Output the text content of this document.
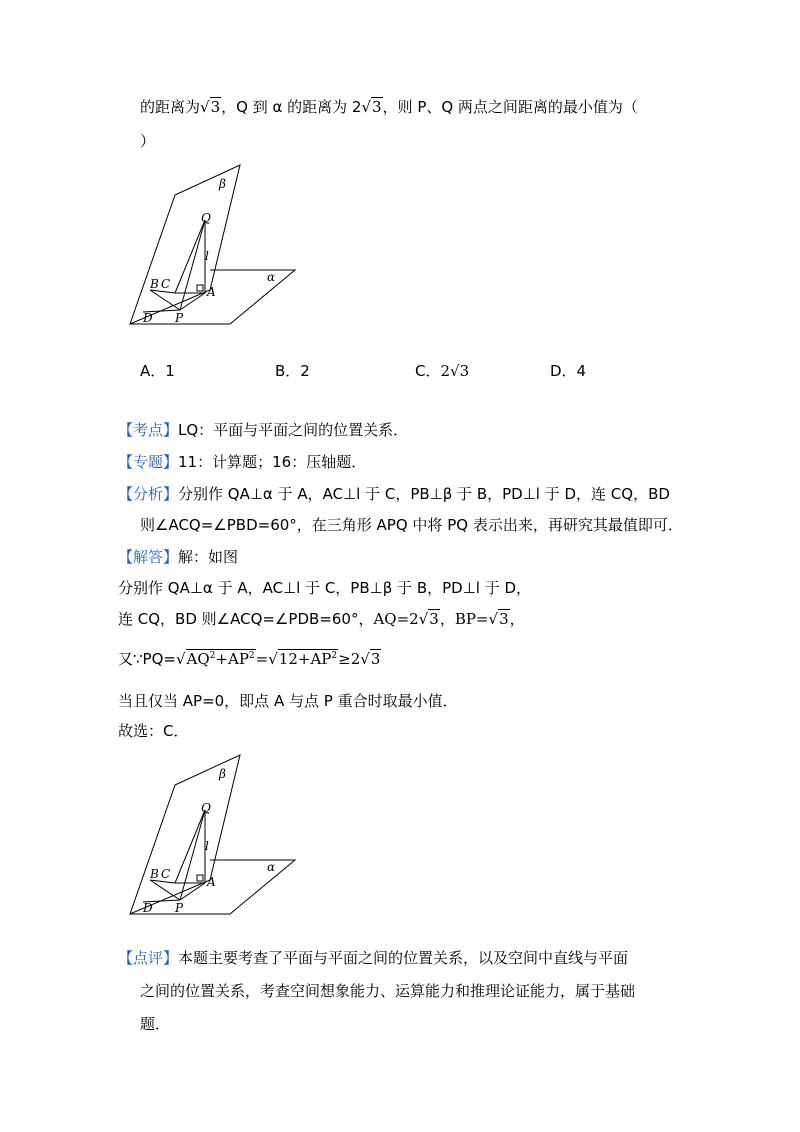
的距离为√3，Q 到 α 的距离为 2√3，则 P、Q 两点之间距离的最小值为（
）
β
α
Q
l
A
B C
D P
A．1	B．2	C．2√3	D．4
【考点】LQ：平面与平面之间的位置关系．
【专题】11：计算题；16：压轴题．
【分析】分别作 QA⊥α 于 A，AC⊥l 于 C，PB⊥β 于 B，PD⊥l 于 D，连 CQ，BD
则∠ACQ=∠PBD=60°，在三角形 APQ 中将 PQ 表示出来，再研究其最值即可．
【解答】解：如图
分别作 QA⊥α 于 A，AC⊥l 于 C，PB⊥β 于 B，PD⊥l 于 D，
连 CQ，BD 则∠ACQ=∠PDB=60°，AQ=2√3，BP=√3，
又$\because PQ=√AQ^2+AP^2=√12+AP^2\ge 2√3$
当且仅当 AP=0，即点 A 与点 P 重合时取最小值．
故选：C．
β
α
Q
l
A
B C
D P
【点评】本题主要考查了平面与平面之间的位置关系，以及空间中直线与平面
之间的位置关系，考查空间想象能力、运算能力和推理论证能力，属于基础
题．
